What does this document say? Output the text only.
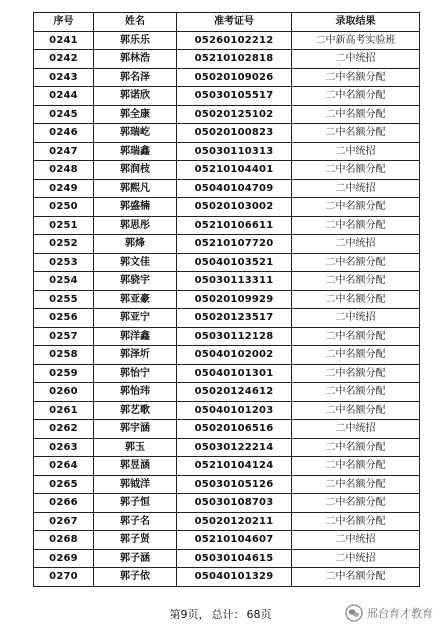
序号	姓名	准考证号	录取结果
0241	郭乐乐	05260102212	二中新高考实验班
0242	郭林浩	05210102818	二中统招
0243	郭名泽	05020109026	二中名额分配
0244	郭诺欣	05030105517	二中名额分配
0245	郭全康	05020125102	二中名额分配
0246	郭瑞屹	05020100823	二中名额分配
0247	郭瑞鑫	05030110313	二中统招
0248	郭润枝	05210104401	二中名额分配
0249	郭熙凡	05040104709	二中统招
0250	郭盛楠	05020103002	二中名额分配
0251	郭思彤	05210106611	二中名额分配
0252	郭烽	05210107720	二中统招
0253	郭文佳	05040103521	二中名额分配
0254	郭骁宇	05030113311	二中名额分配
0255	郭亚豪	05020109929	二中名额分配
0256	郭亚宁	05020123517	二中统招
0257	郭洋鑫	05030112128	二中名额分配
0258	郭泽圻	05040102002	二中名额分配
0259	郭怡宁	05040101301	二中名额分配
0260	郭怡玮	05020124612	二中名额分配
0261	郭艺歌	05040101203	二中名额分配
0262	郭宇涵	05020106516	二中统招
0263	郭玉	05030122214	二中名额分配
0264	郭昱涵	05210104124	二中名额分配
0265	郭钺洋	05030105126	二中名额分配
0266	郭子恒	05030108703	二中名额分配
0267	郭子名	05020120211	二中名额分配
0268	郭子贤	05210104607	二中统招
0269	郭子涵	05030104615	二中统招
0270	郭子依	05040101329	二中名额分配
第9页， 总计： 68页	邢台育才教育
